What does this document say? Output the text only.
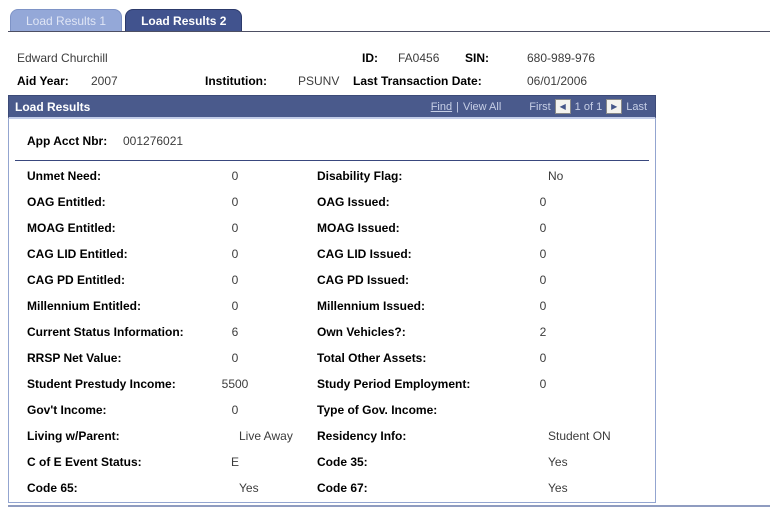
Load Results 1	Load Results 2
Edward Churchill	ID: FA0456 SIN:	680-989-976
Aid Year: 2007	Institution:	PSUNV Last Transaction Date:	06/01/2006
Load Results	Find | View All	First ◀ 1 of 1 ▶ Last
App Acct Nbr:	001276021
Unmet Need:	0	Disability Flag:	No
OAG Entitled:	0	OAG Issued:	0
MOAG Entitled:	0	MOAG Issued:	0
CAG LID Entitled:	0	CAG LID Issued:	0
CAG PD Entitled:	0	CAG PD Issued:	0
Millennium Entitled:	0	Millennium Issued:	0
Current Status Information:	6	Own Vehicles?:	2
RRSP Net Value:	0	Total Other Assets:	0
Student Prestudy Income:	5500	Study Period Employment:	0
Gov't Income:	0	Type of Gov. Income:
Living w/Parent:	Live Away	Residency Info:	Student ON
C of E Event Status:	E	Code 35:	Yes
Code 65:	Yes	Code 67:	Yes
